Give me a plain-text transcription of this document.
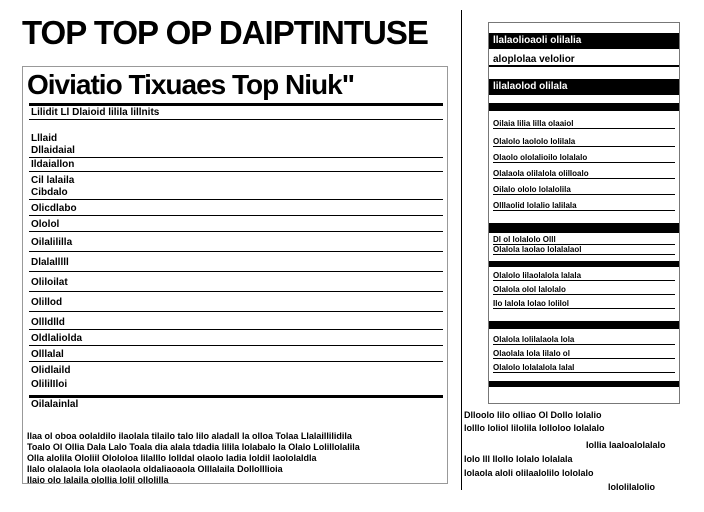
TOP TOP OP DAIPTINTUSE
Oiviatio Tixuaes Top Niuk"
Lilidit Ll Dlaioid lilila lillnits
Lllaid
Dllaidaial
Ildaiallon
Cil lalaila
Cibdalo
Olicdlabo
Ololol
Oilalililla
Dlalalllll
Oliloilat
Olillod
Ollldlld
Oldlaliolda
Olllalal
Olidlaild
OlililIloi
Oilalainlal
Ilaa ol oboa oolaldilo ilaolala tilailo talo lilo aladall la olloa Tolaa Llalaillilidila
Toalo Ol Ollia Dala Lalo Toala dia alala tdadia lilila lolabalo la Olalo Lolillolalila
Olla alolila Ololiil Olololoa lilalllo lolldal olaolo ladia loldil laololaldla
Ilalo olalaola lola olaolaola oldaliaoaola Olllalaila Dollolllioia
Ilaio olo lalaila olollia lolil ollolilla
llalaolioaoli olilalia
aloplolaa velolior
lilalaolod olilala
Oilaia lilia lilla olaaiol
Olalolo laololo lolilala
Olaolo ololalioilo lolalalo
Olalaola olilalola olilloalo
Oilalo ololo lolalolila
Olllaolid lolalio lalilala
Dl ol lolalolo Olll
Olalola laolao lolalalaol
Olalolo lilaolalola lalala
Olalola olol lalolalo
Ilo lalola lolao lolilol
Olalola lolilalaola lola
Olaolala lola lilalo ol
Olalolo lolalalola lalal
Dlloolo lilo olliao Ol Dollo lolalio
lolllo loliol lilolila lolloloo lolalalo
Iollia laaloalolalalo
Iolo lll Ilollo lolalo lolalala
Iolaola aloli olilaalolilo lololalo
lololilalolio
